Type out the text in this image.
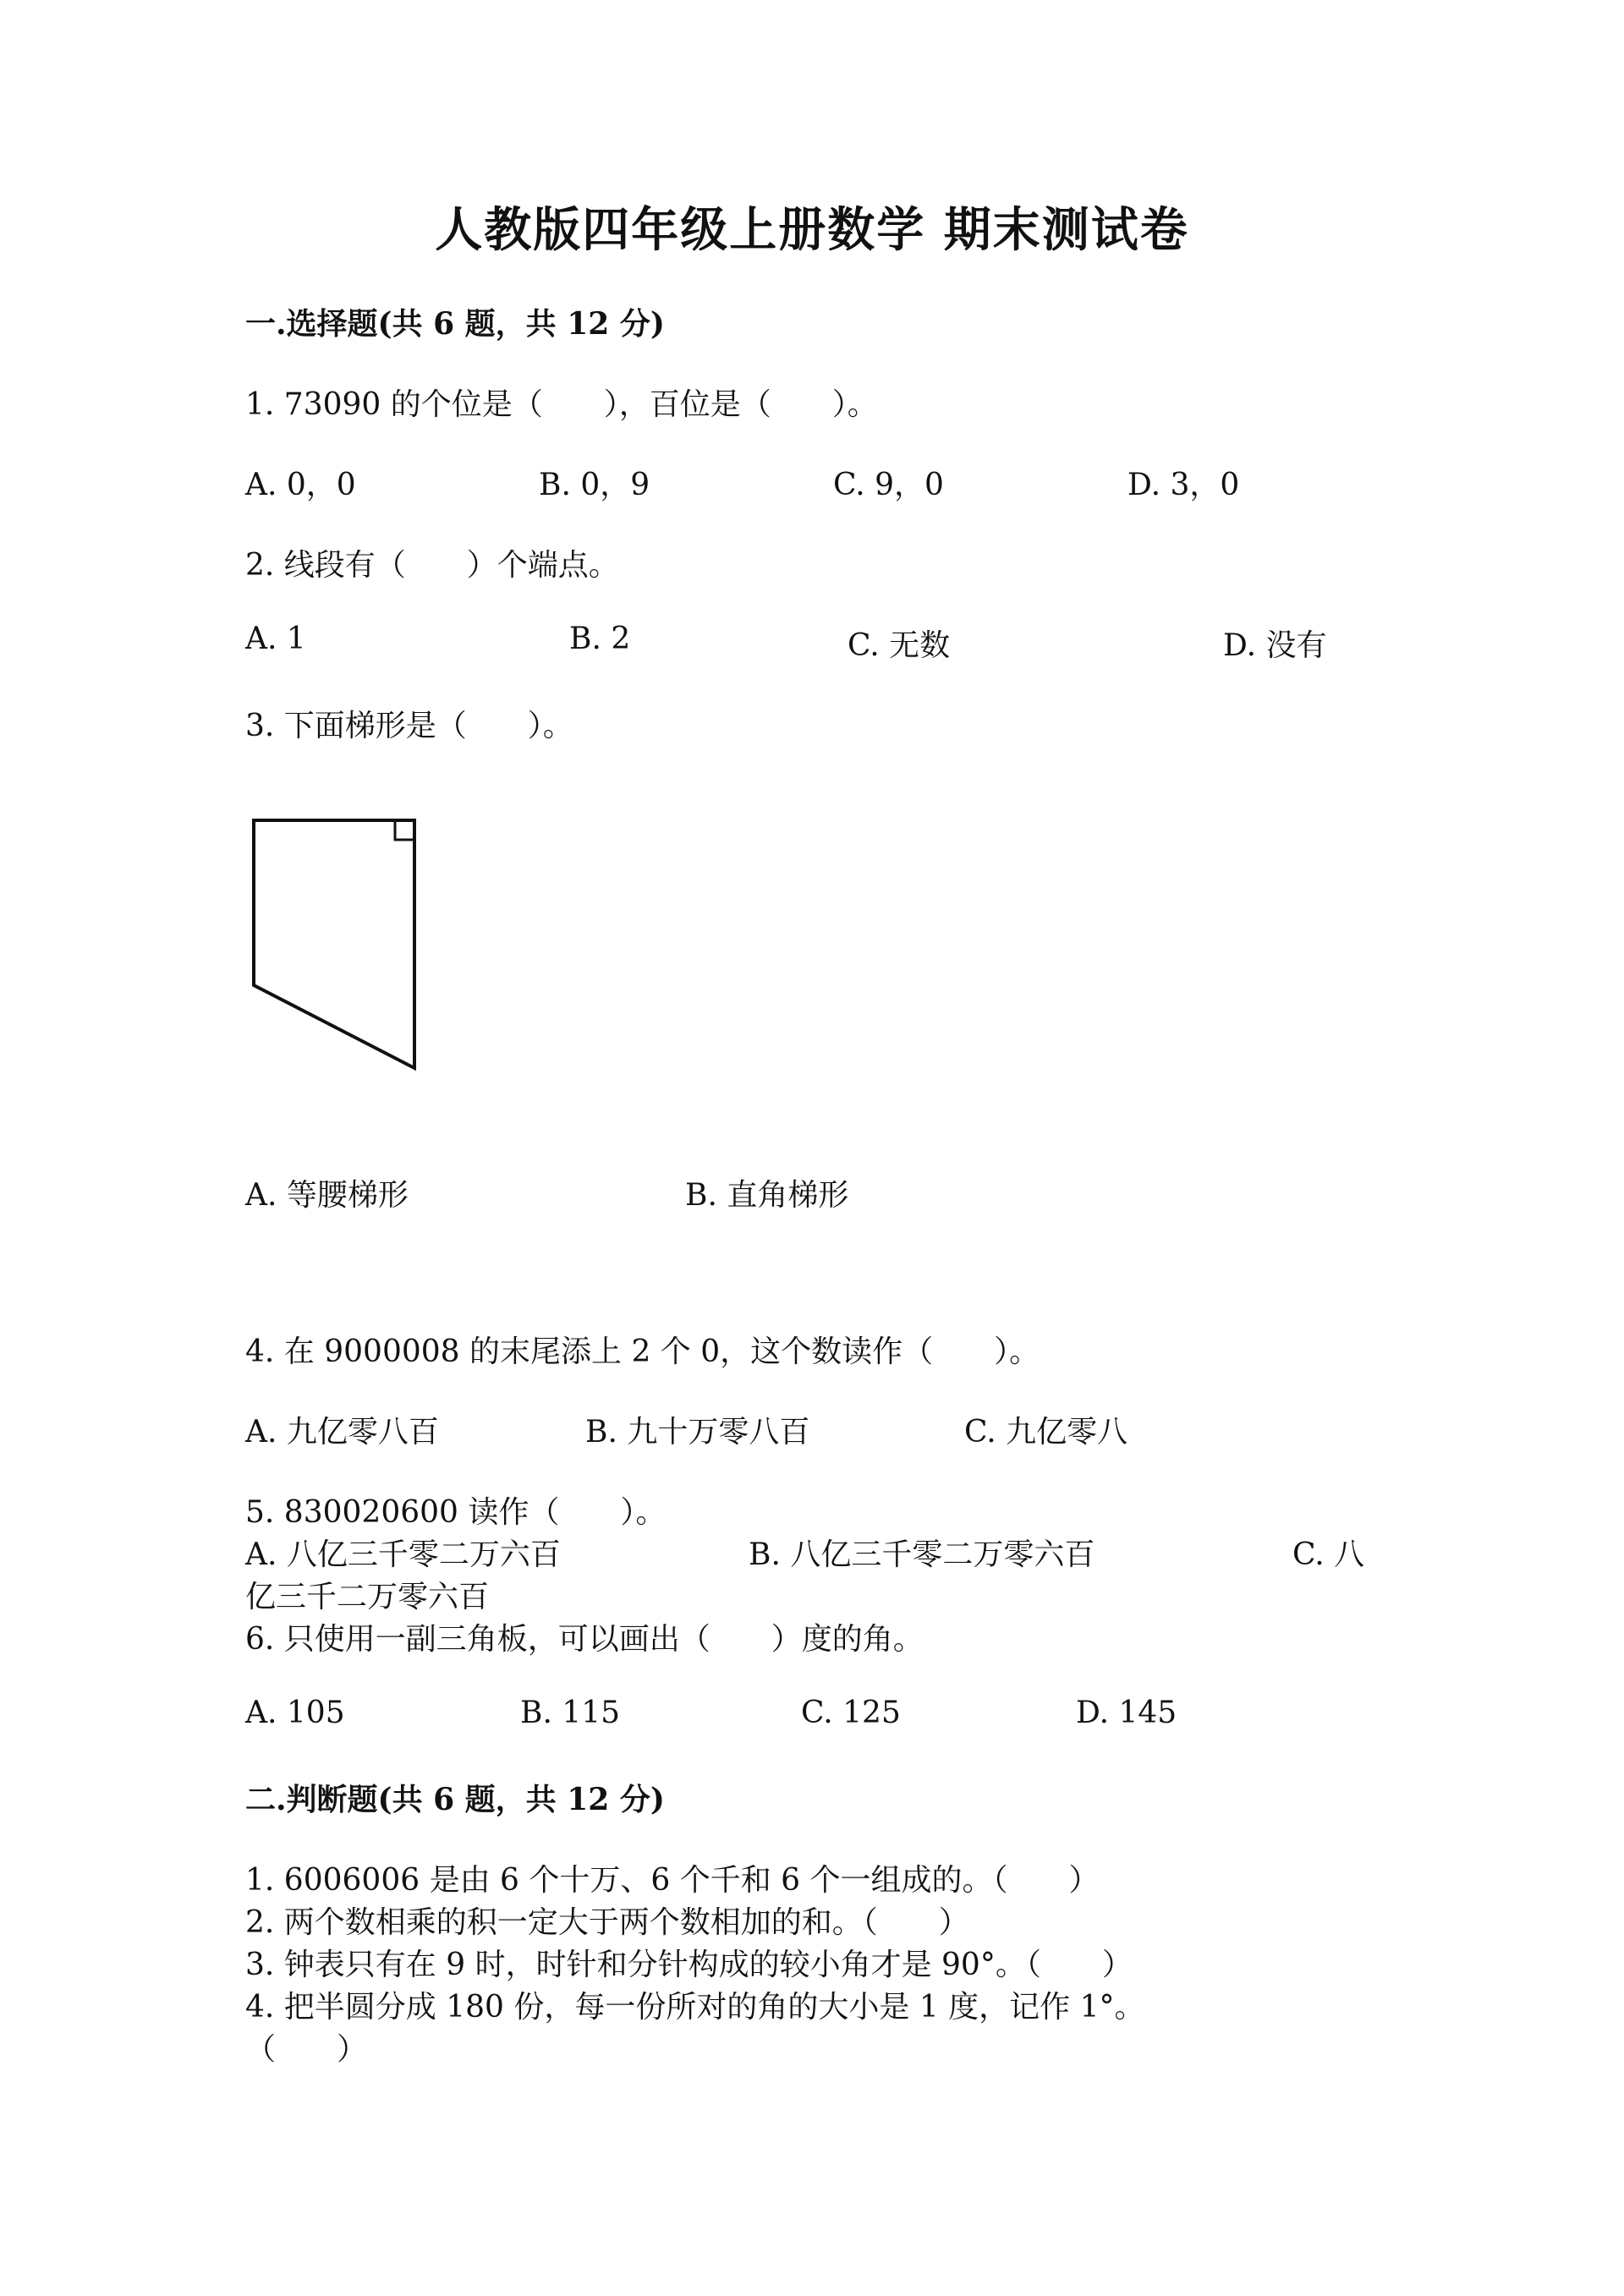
人教版四年级上册数学 期末测试卷
一.选择题(共 6 题，共 12 分)
1. 73090 的个位是（　　），百位是（　　）。
A. 0，0	B. 0，9	C. 9，0	D. 3，0
2. 线段有（　　）个端点。
A. 1	B. 2	C. 无数	D. 没有
3. 下面梯形是（　　）。
A. 等腰梯形	B. 直角梯形
4. 在 9000008 的末尾添上 2 个 0，这个数读作（　　）。
A. 九亿零八百	B. 九十万零八百	C. 九亿零八
5. 830020600 读作（　　）。
A. 八亿三千零二万六百	B. 八亿三千零二万零六百	C. 八
亿三千二万零六百
6. 只使用一副三角板，可以画出（　　）度的角。
A. 105	B. 115	C. 125	D. 145
二.判断题(共 6 题，共 12 分)
1. 6006006 是由 6 个十万、6 个千和 6 个一组成的。（　　）
2. 两个数相乘的积一定大于两个数相加的和。（　　）
3. 钟表只有在 9 时，时针和分针构成的较小角才是 90°。（　　）
4. 把半圆分成 180 份，每一份所对的角的大小是 1 度，记作 1°。
（　　）
